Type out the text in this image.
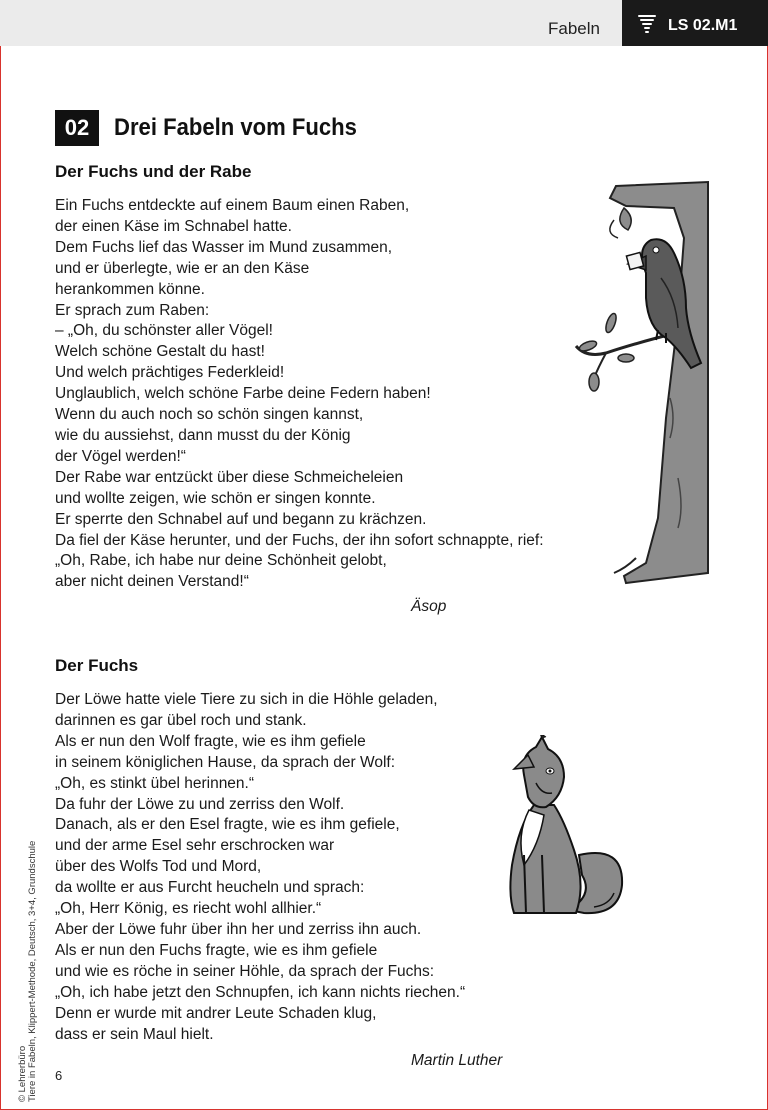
Fabeln	LS 02.M1
02	Drei Fabeln vom Fuchs
Der Fuchs und der Rabe
Ein Fuchs entdeckte auf einem Baum einen Raben,
der einen Käse im Schnabel hatte.
Dem Fuchs lief das Wasser im Mund zusammen,
und er überlegte, wie er an den Käse
herankommen könne.
Er sprach zum Raben:
– „Oh, du schönster aller Vögel!
Welch schöne Gestalt du hast!
Und welch prächtiges Federkleid!
Unglaublich, welch schöne Farbe deine Federn haben!
Wenn du auch noch so schön singen kannst,
wie du aussiehst, dann musst du der König
der Vögel werden!“
Der Rabe war entzückt über diese Schmeicheleien
und wollte zeigen, wie schön er singen konnte.
Er sperrte den Schnabel auf und begann zu krächzen.
Da fiel der Käse herunter, und der Fuchs, der ihn sofort schnappte, rief:
„Oh, Rabe, ich habe nur deine Schönheit gelobt,
aber nicht deinen Verstand!“
Äsop
Der Fuchs
Der Löwe hatte viele Tiere zu sich in die Höhle geladen,
darinnen es gar übel roch und stank.
Als er nun den Wolf fragte, wie es ihm gefiele
in seinem königlichen Hause, da sprach der Wolf:
„Oh, es stinkt übel herinnen.“
Da fuhr der Löwe zu und zerriss den Wolf.
Danach, als er den Esel fragte, wie es ihm gefiele,
und der arme Esel sehr erschrocken war
über des Wolfs Tod und Mord,
da wollte er aus Furcht heucheln und sprach:
„Oh, Herr König, es riecht wohl allhier.“
Aber der Löwe fuhr über ihn her und zerriss ihn auch.
Als er nun den Fuchs fragte, wie es ihm gefiele
und wie es röche in seiner Höhle, da sprach der Fuchs:
„Oh, ich habe jetzt den Schnupfen, ich kann nichts riechen.“
Denn er wurde mit andrer Leute Schaden klug,
dass er sein Maul hielt.
Martin Luther
Tiere in Fabeln, Klippert-Methode, Deutsch, 3+4, Grundschule
© Lehrerbüro 6
